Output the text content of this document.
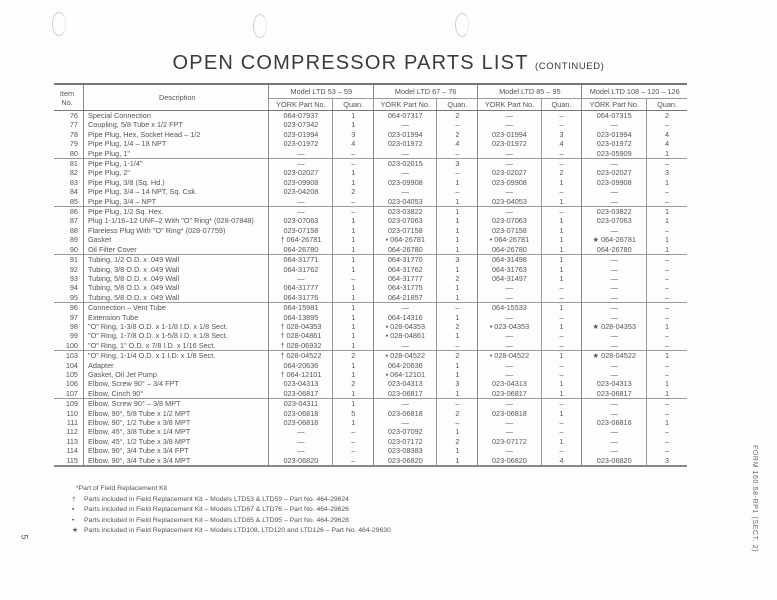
OPEN COMPRESSOR PARTS LIST (CONTINUED)
Item No.	Description	Model LTD 53 – 59		Model LTD 67 – 76		Model LTD 85 – 95		Model LTD 108 – 120 – 126	
		YORK Part No.	Quan.	YORK Part No.	Quan.	YORK Part No.	Quan.	YORK Part No.	Quan.
76	Special Connection	064-07937	1	064-07317	2	—	–	064-07315	2
77	Coupling, 5/8 Tube x 1/2 FPT	023-07342	1	—	–	—	–	—	–
78	Pipe Plug, Hex, Socket Head – 1/2	023-01994	3	023-01994	2	023-01994	3	023-01994	4
79	Pipe Plug, 1/4 – 18 NPT	023-01972	4	023-01972	4	023-01972	4	023-01972	4
80	Pipe Plug, 1"	—	–	—	–	—	–	023-05909	1
81	Pipe Plug, 1-1/4"	—	–	023-02015	3	—	–	—	–
82	Pipe Plug, 2"	023-02027	1	—	–	023-02027	2	023-02027	3
83	Pipe Plug, 3/8 (Sq. Hd.)	023-09908	1	023-09908	1	023-09908	1	023-09908	1
84	Pipe Plug, 3/4 – 14 NPT, Sq. Csk.	023-04208	2	—	–	—	–	—	–
85	Pipe Plug, 3/4 – NPT	—	–	023-04053	1	023-04053	1	—	–
86	Pipe Plug, 1/2 Sq. Hex.	—	–	023-03822	1	—	–	023-03822	1
87	Plug 1-1/16–12 UNF–2 With "O" Ring* (028-07848)	023-07063	1	023-07063	1	023-07063	1	023-07063	1
88	Flareless Plug With "O" Ring* (028-07759)	023-07158	1	023-07158	1	023-07158	1	—	–
89	Gasket	† 064-26781	1	▪ 064-26781	1	• 064-26781	1	★ 064-26781	1
90	Oil Filter Cover	064-26780	1	064-26780	1	064-26780	1	064-26780	1
91	Tubing, 1/2 O.D. x .049 Wall	064-31771	1	064-31770	3	064-31498	1	—	–
92	Tubing, 3/8 O.D. x .049 Wall	064-31762	1	064-31762	1	064-31763	1	—	–
93	Tubing, 5/8 O.D. x .049 Wall	—	–	064-31777	2	064-31497	1	—	–
94	Tubing, 5/8 O.D. x .049 Wall	064-31777	1	064-31775	1	—	–	—	–
95	Tubing, 5/8 O.D. x .049 Wall	064-31776	1	064-21857	1	—	–	—	–
96	Connection – Vent Tube	064-15981	1	—	–	064-15533	1	—	–
97	Extension Tube	064-13895	1	064-14316	1	—	–	—	–
98	"O" Ring, 1-3/8 O.D. x 1-1/8 I.D. x 1/8 Sect.	† 028-04353	1	▪ 028-04353	2	• 023-04353	1	★ 028-04353	1
99	"O" Ring, 1-7/8 O.D. x 1-5/8 I.D. x 1/8 Sect.	† 028-04861	1	▪ 028-04861	1	—	–	—	–
100	"O" Ring, 1" O.D. x 7/8 I.D. x 1/16 Sect.	† 028-06932	1	—	–	—	–	—	–
103	"O" Ring, 1-1/4 O.D. x 1 I.D. x 1/8 Sect.	† 028-04522	2	▪ 028-04522	2	• 028-04522	1	★ 028-04522	1
104	Adapter	064-20636	1	064-20636	1	—	–	—	–
105	Gasket, Oil Jet Pump	† 064-12101	1	▪ 064-12101	1	—	–	—	–
106	Elbow, Screw 90° – 3/4 FPT	023-04313	2	023-04313	3	023-04313	1	023-04313	1
107	Elbow, Cinch 90°	023-06817	1	023-06817	1	023-06817	1	023-06817	1
109	Elbow, Screw 90° – 3/8 MPT	023-04311	1	—	–	—	–	—	–
110	Elbow, 90°, 5/8 Tube x 1/2 MPT	023-06818	5	023-06818	2	023-06818	1	—	–
111	Elbow, 90°, 1/2 Tube x 3/8 MPT	023-06816	1	—	–	—	–	023-06816	1
112	Elbow, 45°, 3/8 Tube x 1/4 MPT	—	–	023-07092	1	—	–	—	–
113	Elbow, 45°, 1/2 Tube x 3/8 MPT	—	–	023-07172	2	023-07172	1	—	–
114	Elbow, 90°, 3/4 Tube x 3/4 FPT	—	–	023-08383	1	—	–	—	–
115	Elbow, 90°, 3/4 Tube x 3/4 MPT	023-06820	–	023-06820	1	023-06820	4	023-06820	3
*Part of Field Replacement Kit
† Parts included in Field Replacement Kit – Models LTD53 & LTD59 – Part No. 464-29624
▪ Parts included in Field Replacement Kit – Models LTD67 & LTD76 – Part No. 464-29626
• Parts included in Field Replacement Kit – Models LTD85 & LTD95 – Part No. 464-29628
★ Parts included in Field Replacement Kit – Models LTD108, LTD120 and LTD126 – Part No. 464-29630	FORM 160.58-RP1 (SECT. 2)
5
